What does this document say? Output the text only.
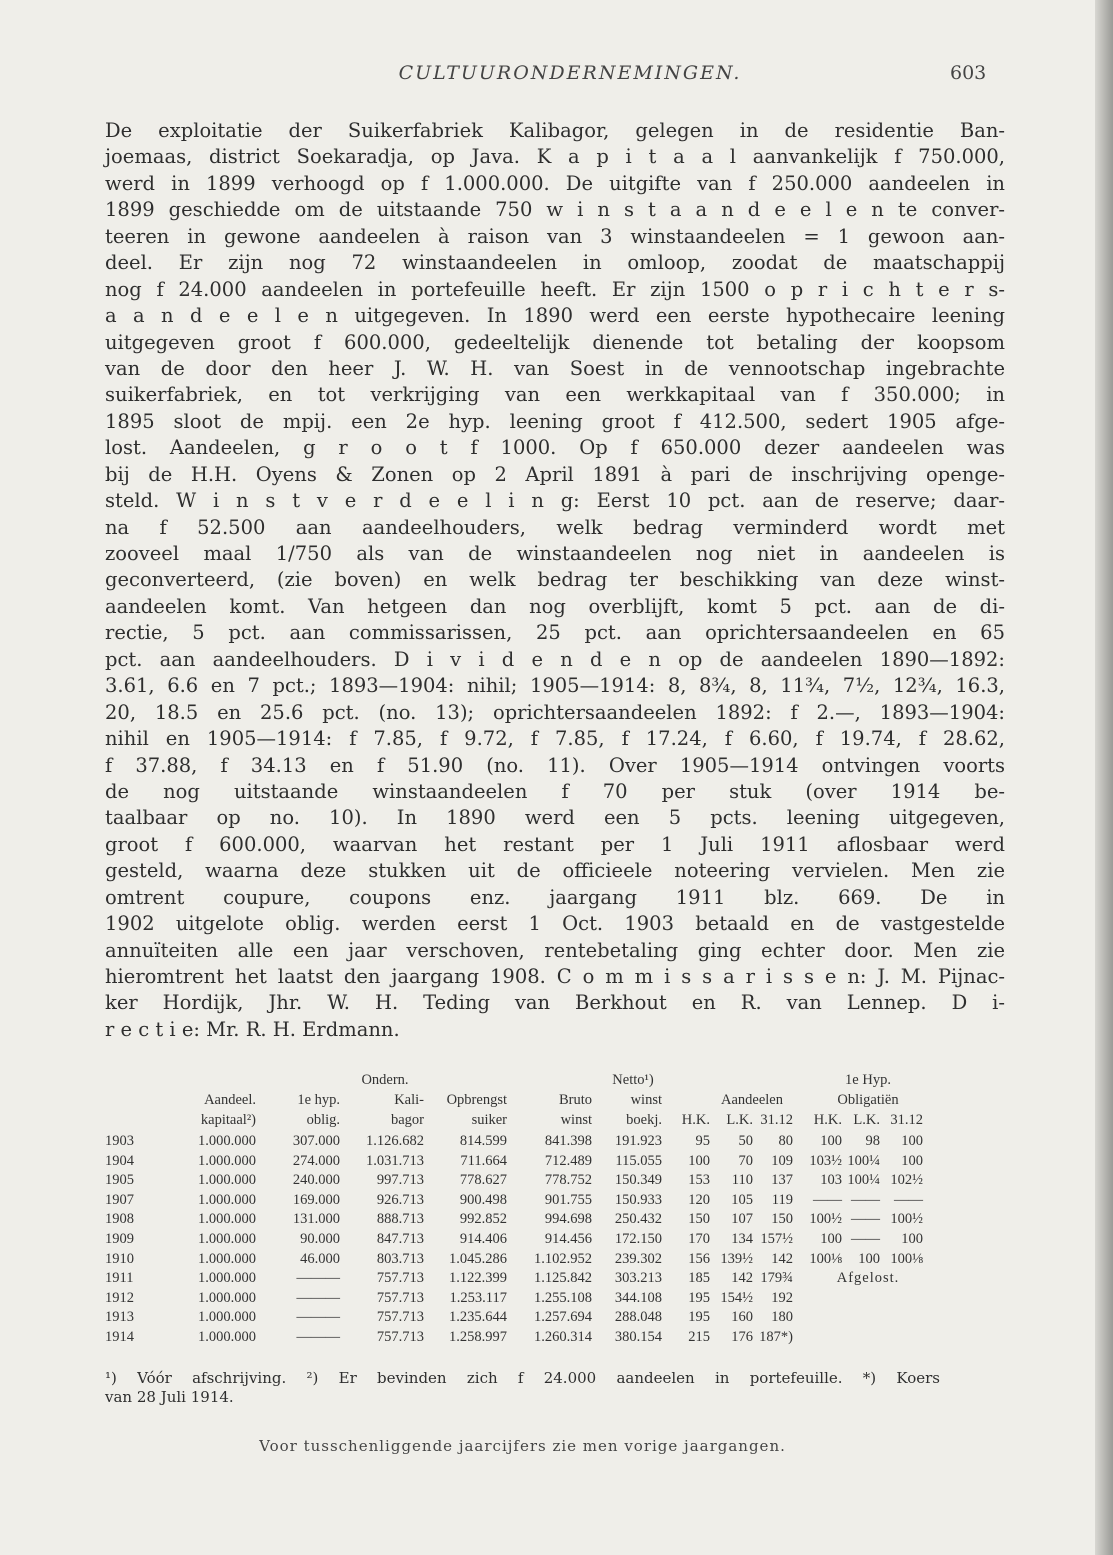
CULTUURONDERNEMINGEN.	603
De exploitatie der Suikerfabriek Kalibagor, gelegen in de residentie Ban-
joemaas, district Soekaradja, op Java. K a p i t a a l aanvankelijk f 750.000,
werd in 1899 verhoogd op f 1.000.000. De uitgifte van f 250.000 aandeelen in
1899 geschiedde om de uitstaande 750 w i n s t a a n d e e l e n te conver-
teeren in gewone aandeelen à raison van 3 winstaandeelen = 1 gewoon aan-
deel. Er zijn nog 72 winstaandeelen in omloop, zoodat de maatschappij
nog f 24.000 aandeelen in portefeuille heeft. Er zijn 1500 o p r i c h t e r s-
a a n d e e l e n uitgegeven. In 1890 werd een eerste hypothecaire leening
uitgegeven groot f 600.000, gedeeltelijk dienende tot betaling der koopsom
van de door den heer J. W. H. van Soest in de vennootschap ingebrachte
suikerfabriek, en tot verkrijging van een werkkapitaal van f 350.000; in
1895 sloot de mpij. een 2e hyp. leening groot f 412.500, sedert 1905 afge-
lost. Aandeelen, g r o o t f 1000. Op f 650.000 dezer aandeelen was
bij de H.H. Oyens & Zonen op 2 April 1891 à pari de inschrijving openge-
steld. W i n s t v e r d e e l i n g: Eerst 10 pct. aan de reserve; daar-
na f 52.500 aan aandeelhouders, welk bedrag verminderd wordt met
zooveel maal 1/750 als van de winstaandeelen nog niet in aandeelen is
geconverteerd, (zie boven) en welk bedrag ter beschikking van deze winst-
aandeelen komt. Van hetgeen dan nog overblijft, komt 5 pct. aan de di-
rectie, 5 pct. aan commissarissen, 25 pct. aan oprichtersaandeelen en 65
pct. aan aandeelhouders. D i v i d e n d e n op de aandeelen 1890—1892:
3.61, 6.6 en 7 pct.; 1893—1904: nihil; 1905—1914: 8, 8¾, 8, 11¾, 7½, 12¾, 16.3,
20, 18.5 en 25.6 pct. (no. 13); oprichtersaandeelen 1892: f 2.—, 1893—1904:
nihil en 1905—1914: f 7.85, f 9.72, f 7.85, f 17.24, f 6.60, f 19.74, f 28.62,
f 37.88, f 34.13 en f 51.90 (no. 11). Over 1905—1914 ontvingen voorts
de nog uitstaande winstaandeelen f 70 per stuk (over 1914 be-
taalbaar op no. 10). In 1890 werd een 5 pcts. leening uitgegeven,
groot f 600.000, waarvan het restant per 1 Juli 1911 aflosbaar werd
gesteld, waarna deze stukken uit de officieele noteering vervielen. Men zie
omtrent coupure, coupons enz. jaargang 1911 blz. 669. De in
1902 uitgelote oblig. werden eerst 1 Oct. 1903 betaald en de vastgestelde
annuïteiten alle een jaar verschoven, rentebetaling ging echter door. Men zie
hieromtrent het laatst den jaargang 1908. C o m m i s s a r i s s e n: J. M. Pijnac-
ker Hordijk, Jhr. W. H. Teding van Berkhout en R. van Lennep. D i-
r e c t i e: Mr. R. H. Erdmann.
Ondern.	Netto¹)	1e Hyp.
Aandeel.	1e hyp.	Kali- Opbrengst	Bruto	winst	Aandeelen	Obligatiën
kapitaal²)	oblig.	bagor	suiker	winst boekj. H.K. L.K. 31.12 H.K. L.K. 31.12
1903	1.000.000	307.000 1.126.682 814.599	841.398 191.923 95 50 80 100 98 100
1904	1.000.000	274.000 1.031.713	711.664	712.489 115.055 100 70 109 103½ 100¼ 100
1905	1.000.000	240.000	997.713 778.627	778.752 150.349 153 110 137 103 100¼ 102½
1907	1.000.000	169.000	926.713 900.498	901.755 150.933 120 105 119 —— —— ——
1908	1.000.000	131.000	888.713 992.852	994.698 250.432 150 107 150 100½ —— 100½
1909	1.000.000	90.000	847.713 914.406	914.456 172.150 170 134 157½ 100 —— 100
1910	1.000.000	46.000	803.713 1.045.286 1.102.952 239.302 156 139½ 142 100⅛ 100 100⅛
1911	1.000.000	———	757.713 1.122.399 1.125.842 303.213 185 142 179¾	Afgelost.
1912	1.000.000	———	757.713 1.253.117 1.255.108 344.108 195 154½ 192
1913	1.000.000	———	757.713 1.235.644 1.257.694 288.048 195 160 180
1914	1.000.000	———	757.713 1.258.997 1.260.314 380.154 215 176 187*)
¹) Vóór afschrijving. ²) Er bevinden zich f 24.000 aandeelen in portefeuille. *) Koers
van 28 Juli 1914.
Voor tusschenliggende jaarcijfers zie men vorige jaargangen.
